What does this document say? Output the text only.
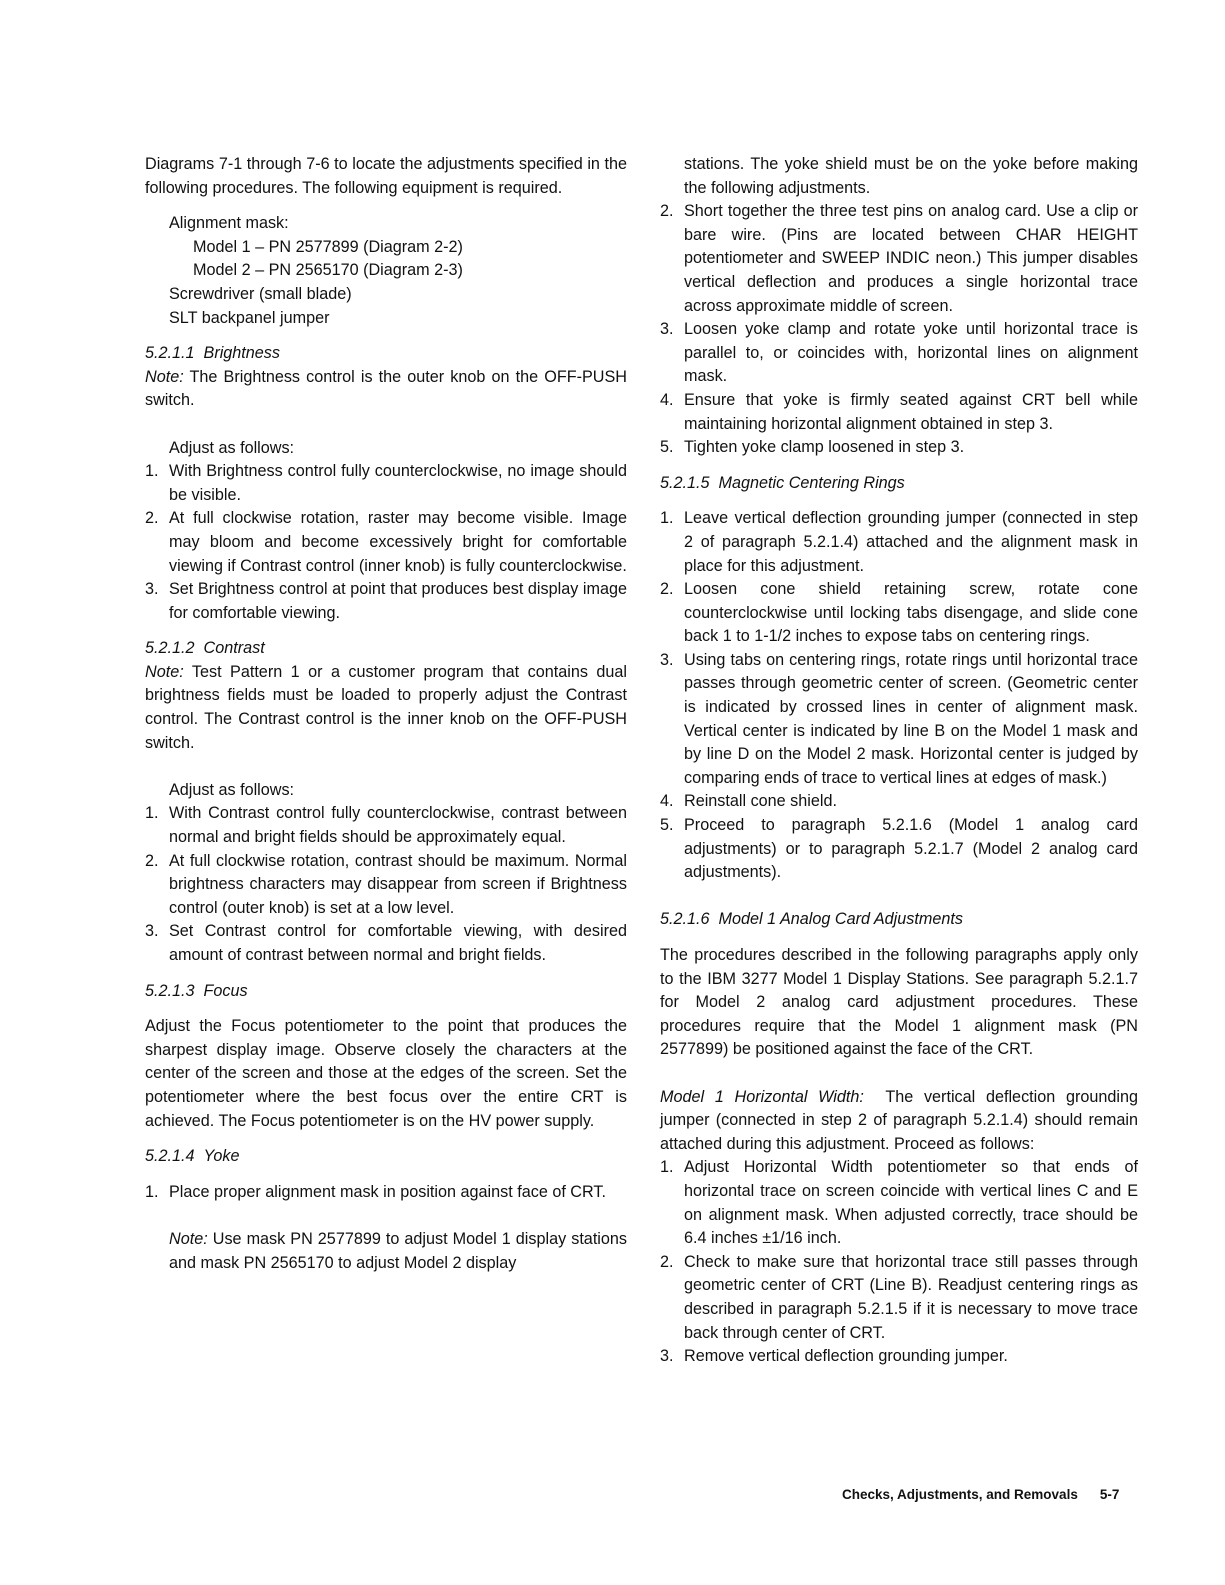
Diagrams 7-1 through 7-6 to locate the adjustments specified in the following procedures. The following equipment is required.

Alignment mask:
Model 1 – PN 2577899 (Diagram 2-2)
Model 2 – PN 2565170 (Diagram 2-3)
Screwdriver (small blade)
SLT backpanel jumper
5.2.1.1 Brightness

Note: The Brightness control is the outer knob on the OFF-PUSH switch.

Adjust as follows:
1. With Brightness control fully counterclockwise, no image should be visible.
2. At full clockwise rotation, raster may become visible. Image may bloom and become excessively bright for comfortable viewing if Contrast control (inner knob) is fully counterclockwise.
3. Set Brightness control at point that produces best display image for comfortable viewing.
5.2.1.2 Contrast

Note: Test Pattern 1 or a customer program that contains dual brightness fields must be loaded to properly adjust the Contrast control. The Contrast control is the inner knob on the OFF-PUSH switch.

Adjust as follows:
1. With Contrast control fully counterclockwise, contrast between normal and bright fields should be approximately equal.
2. At full clockwise rotation, contrast should be maximum. Normal brightness characters may disappear from screen if Brightness control (outer knob) is set at a low level.
3. Set Contrast control for comfortable viewing, with desired amount of contrast between normal and bright fields.
5.2.1.3 Focus

Adjust the Focus potentiometer to the point that produces the sharpest display image. Observe closely the characters at the center of the screen and those at the edges of the screen. Set the potentiometer where the best focus over the entire CRT is achieved. The Focus potentiometer is on the HV power supply.

5.2.1.4 Yoke
1. Place proper alignment mask in position against face of CRT.

Note: Use mask PN 2577899 to adjust Model 1 display stations and mask PN 2565170 to adjust Model 2 display

stations. The yoke shield must be on the yoke before making the following adjustments.

2. Short together the three test pins on analog card. Use a clip or bare wire. (Pins are located between CHAR HEIGHT potentiometer and SWEEP INDIC neon.) This jumper disables vertical deflection and produces a single horizontal trace across approximate middle of screen.
3. Loosen yoke clamp and rotate yoke until horizontal trace is parallel to, or coincides with, horizontal lines on alignment mask.
4. Ensure that yoke is firmly seated against CRT bell while maintaining horizontal alignment obtained in step 3.
5. Tighten yoke clamp loosened in step 3.
5.2.1.5 Magnetic Centering Rings
1. Leave vertical deflection grounding jumper (connected in step 2 of paragraph 5.2.1.4) attached and the alignment mask in place for this adjustment.
2. Loosen cone shield retaining screw, rotate cone counterclockwise until locking tabs disengage, and slide cone back 1 to 1-1/2 inches to expose tabs on centering rings.
3. Using tabs on centering rings, rotate rings until horizontal trace passes through geometric center of screen. (Geometric center is indicated by crossed lines in center of alignment mask. Vertical center is indicated by line B on the Model 1 mask and by line D on the Model 2 mask. Horizontal center is judged by comparing ends of trace to vertical lines at edges of mask.)
4. Reinstall cone shield.
5. Proceed to paragraph 5.2.1.6 (Model 1 analog card adjustments) or to paragraph 5.2.1.7 (Model 2 analog card adjustments).
5.2.1.6 Model 1 Analog Card Adjustments

The procedures described in the following paragraphs apply only to the IBM 3277 Model 1 Display Stations. See paragraph 5.2.1.7 for Model 2 analog card adjustment procedures. These procedures require that the Model 1 alignment mask (PN 2577899) be positioned against the face of the CRT.

Model 1 Horizontal Width: The vertical deflection grounding jumper (connected in step 2 of paragraph 5.2.1.4) should remain attached during this adjustment. Proceed as follows:

1. Adjust Horizontal Width potentiometer so that ends of horizontal trace on screen coincide with vertical lines C and E on alignment mask. When adjusted correctly, trace should be 6.4 inches ±1/16 inch.
2. Check to make sure that horizontal trace still passes through geometric center of CRT (Line B). Readjust centering rings as described in paragraph 5.2.1.5 if it is necessary to move trace back through center of CRT.
3. Remove vertical deflection grounding jumper.
Checks, Adjustments, and Removals 5-7
